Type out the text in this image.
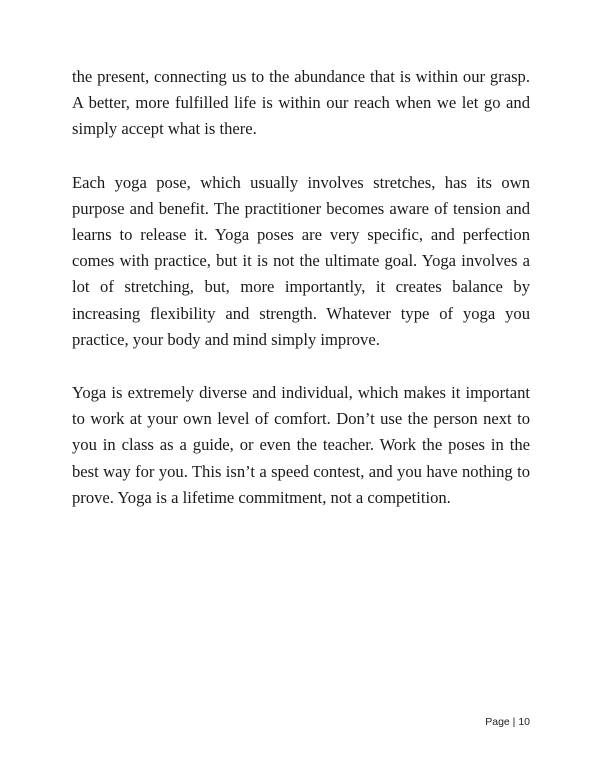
the present, connecting us to the abundance that is within our grasp. A better, more fulfilled life is within our reach when we let go and simply accept what is there.

Each yoga pose, which usually involves stretches, has its own purpose and benefit. The practitioner becomes aware of tension and learns to release it. Yoga poses are very specific, and perfection comes with practice, but it is not the ultimate goal. Yoga involves a lot of stretching, but, more importantly, it creates balance by increasing flexibility and strength. Whatever type of yoga you practice, your body and mind simply improve.

Yoga is extremely diverse and individual, which makes it important to work at your own level of comfort. Don’t use the person next to you in class as a guide, or even the teacher. Work the poses in the best way for you. This isn’t a speed contest, and you have nothing to prove. Yoga is a lifetime commitment, not a competition.

Page | 10
